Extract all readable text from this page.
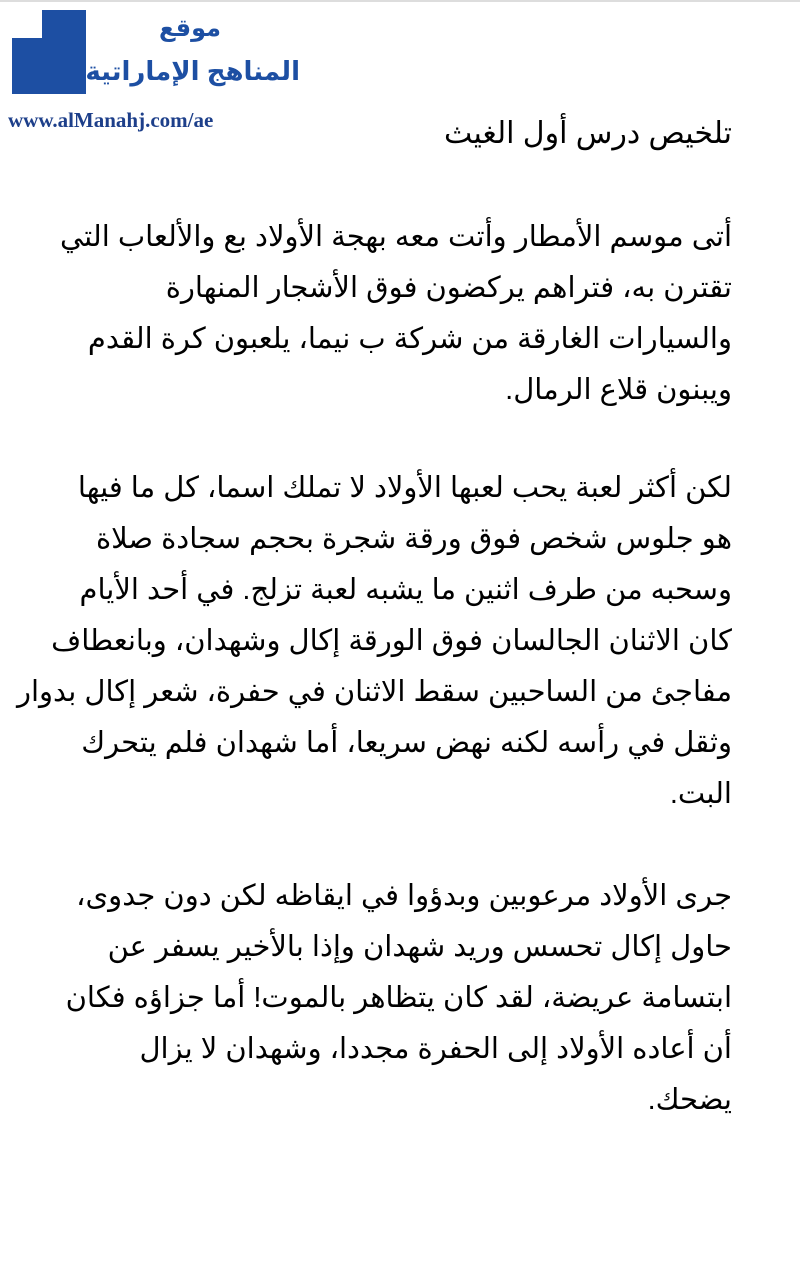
موقع
المناهج الإماراتية
www.alManahj.com/ae	تلخيص درس أول الغيث
أتى موسم الأمطار وأتت معه بهجة الأولاد بع والألعاب التي
تقترن به، فتراهم يركضون فوق الأشجار المنهارة
والسيارات الغارقة من شركة ب نيما، يلعبون كرة القدم
ويبنون قلاع الرمال.
لكن أكثر لعبة يحب لعبها الأولاد لا تملك اسما، كل ما فيها
هو جلوس شخص فوق ورقة شجرة بحجم سجادة صلاة
وسحبه من طرف اثنين ما يشبه لعبة تزلج. في أحد الأيام
كان الاثنان الجالسان فوق الورقة إكال وشهدان، وبانعطاف
مفاجئ من الساحبين سقط الاثنان في حفرة، شعر إكال بدوار
وثقل في رأسه لكنه نهض سريعا، أما شهدان فلم يتحرك
البت.
جرى الأولاد مرعوبين وبدؤوا في ايقاظه لكن دون جدوى،
حاول إكال تحسس وريد شهدان وإذا بالأخير يسفر عن
ابتسامة عريضة، لقد كان يتظاهر بالموت! أما جزاؤه فكان
أن أعاده الأولاد إلى الحفرة مجددا، وشهدان لا يزال
يضحك.
